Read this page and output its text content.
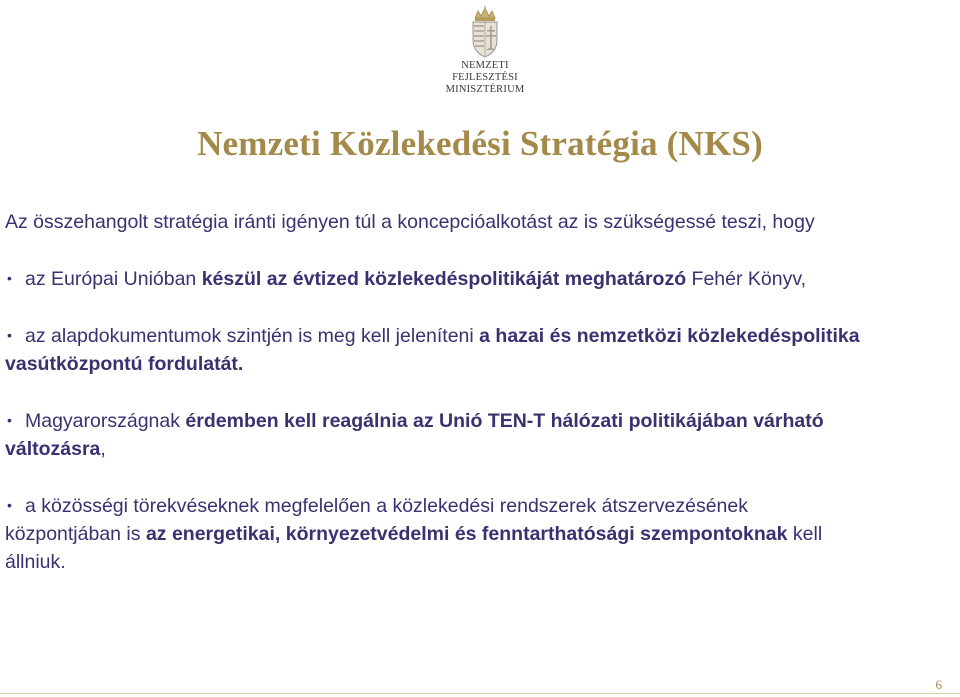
NEMZETI FEJLESZTÉSI
MINISZTÉRIUM
Nemzeti Közlekedési Stratégia (NKS)

Az összehangolt stratégia iránti igényen túl a koncepcióalkotást az is szükségessé teszi, hogy

• az Európai Unióban készül az évtized közlekedéspolitikáját meghatározó Fehér Könyv,

• az alapdokumentumok szintjén is meg kell jeleníteni a hazai és nemzetközi közlekedéspolitika

vasútközpontú fordulatát.

• Magyarországnak érdemben kell reagálnia az Unió TEN-T hálózati politikájában várható

változásra,

• a közösségi törekvéseknek megfelelően a közlekedési rendszerek átszervezésének

központjában is az energetikai, környezetvédelmi és fenntarthatósági szempontoknak kell

állniuk.

6
